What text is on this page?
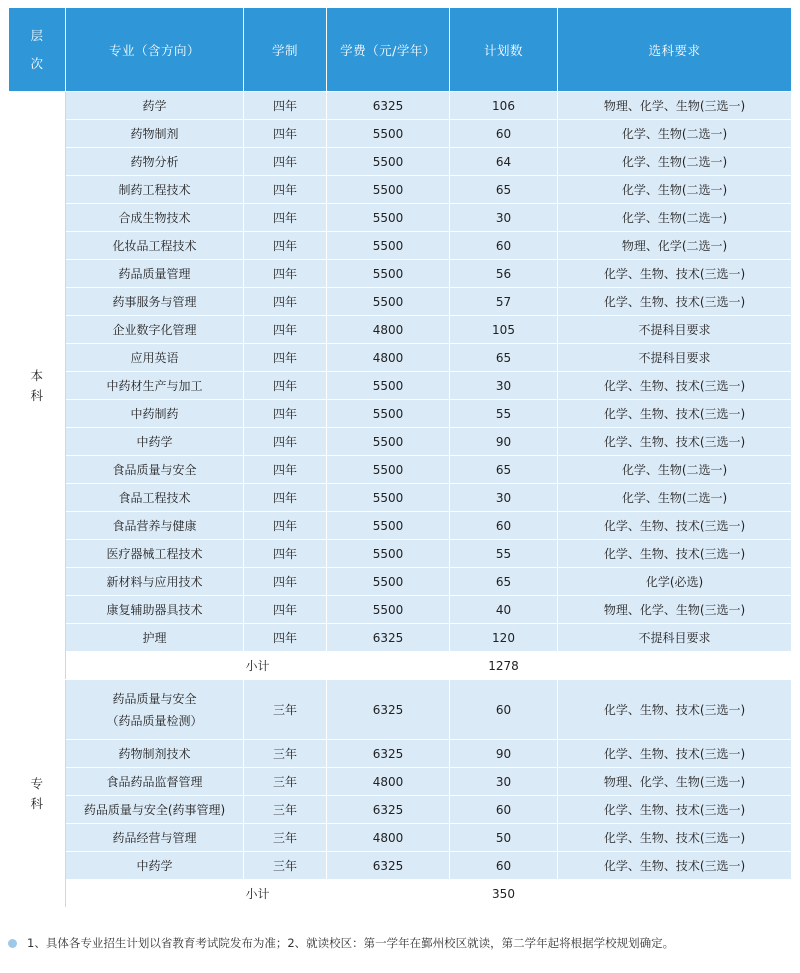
层
次	专业（含方向）	学制	学费（元/学年）	计划数	选科要求
本
科	药学	四年	6325	106	物理、化学、生物(三选一)
	药物制剂	四年	5500	60	化学、生物(二选一)
	药物分析	四年	5500	64	化学、生物(二选一)
	制药工程技术	四年	5500	65	化学、生物(二选一)
	合成生物技术	四年	5500	30	化学、生物(二选一)
	化妆品工程技术	四年	5500	60	物理、化学(二选一)
	药品质量管理	四年	5500	56	化学、生物、技术(三选一)
	药事服务与管理	四年	5500	57	化学、生物、技术(三选一)
	企业数字化管理	四年	4800	105	不提科目要求
	应用英语	四年	4800	65	不提科目要求
	中药材生产与加工	四年	5500	30	化学、生物、技术(三选一)
	中药制药	四年	5500	55	化学、生物、技术(三选一)
	中药学	四年	5500	90	化学、生物、技术(三选一)
	食品质量与安全	四年	5500	65	化学、生物(二选一)
	食品工程技术	四年	5500	30	化学、生物(二选一)
	食品营养与健康	四年	5500	60	化学、生物、技术(三选一)
	医疗器械工程技术	四年	5500	55	化学、生物、技术(三选一)
	新材料与应用技术	四年	5500	65	化学(必选)
	康复辅助器具技术	四年	5500	40	物理、化学、生物(三选一)
	护理	四年	6325	120	不提科目要求
	小计			1278	
专
科	药品质量与安全
（药品质量检测）	三年	6325	60	化学、生物、技术(三选一)
	药物制剂技术	三年	6325	90	化学、生物、技术(三选一)
	食品药品监督管理	三年	4800	30	物理、化学、生物(三选一)
	药品质量与安全(药事管理)	三年	6325	60	化学、生物、技术(三选一)
	药品经营与管理	三年	4800	50	化学、生物、技术(三选一)
	中药学	三年	6325	60	化学、生物、技术(三选一)
	小计			350	
1、具体各专业招生计划以省教育考试院发布为准；2、就读校区：第一学年在鄞州校区就读，第二学年起将根据学校规划确定。
